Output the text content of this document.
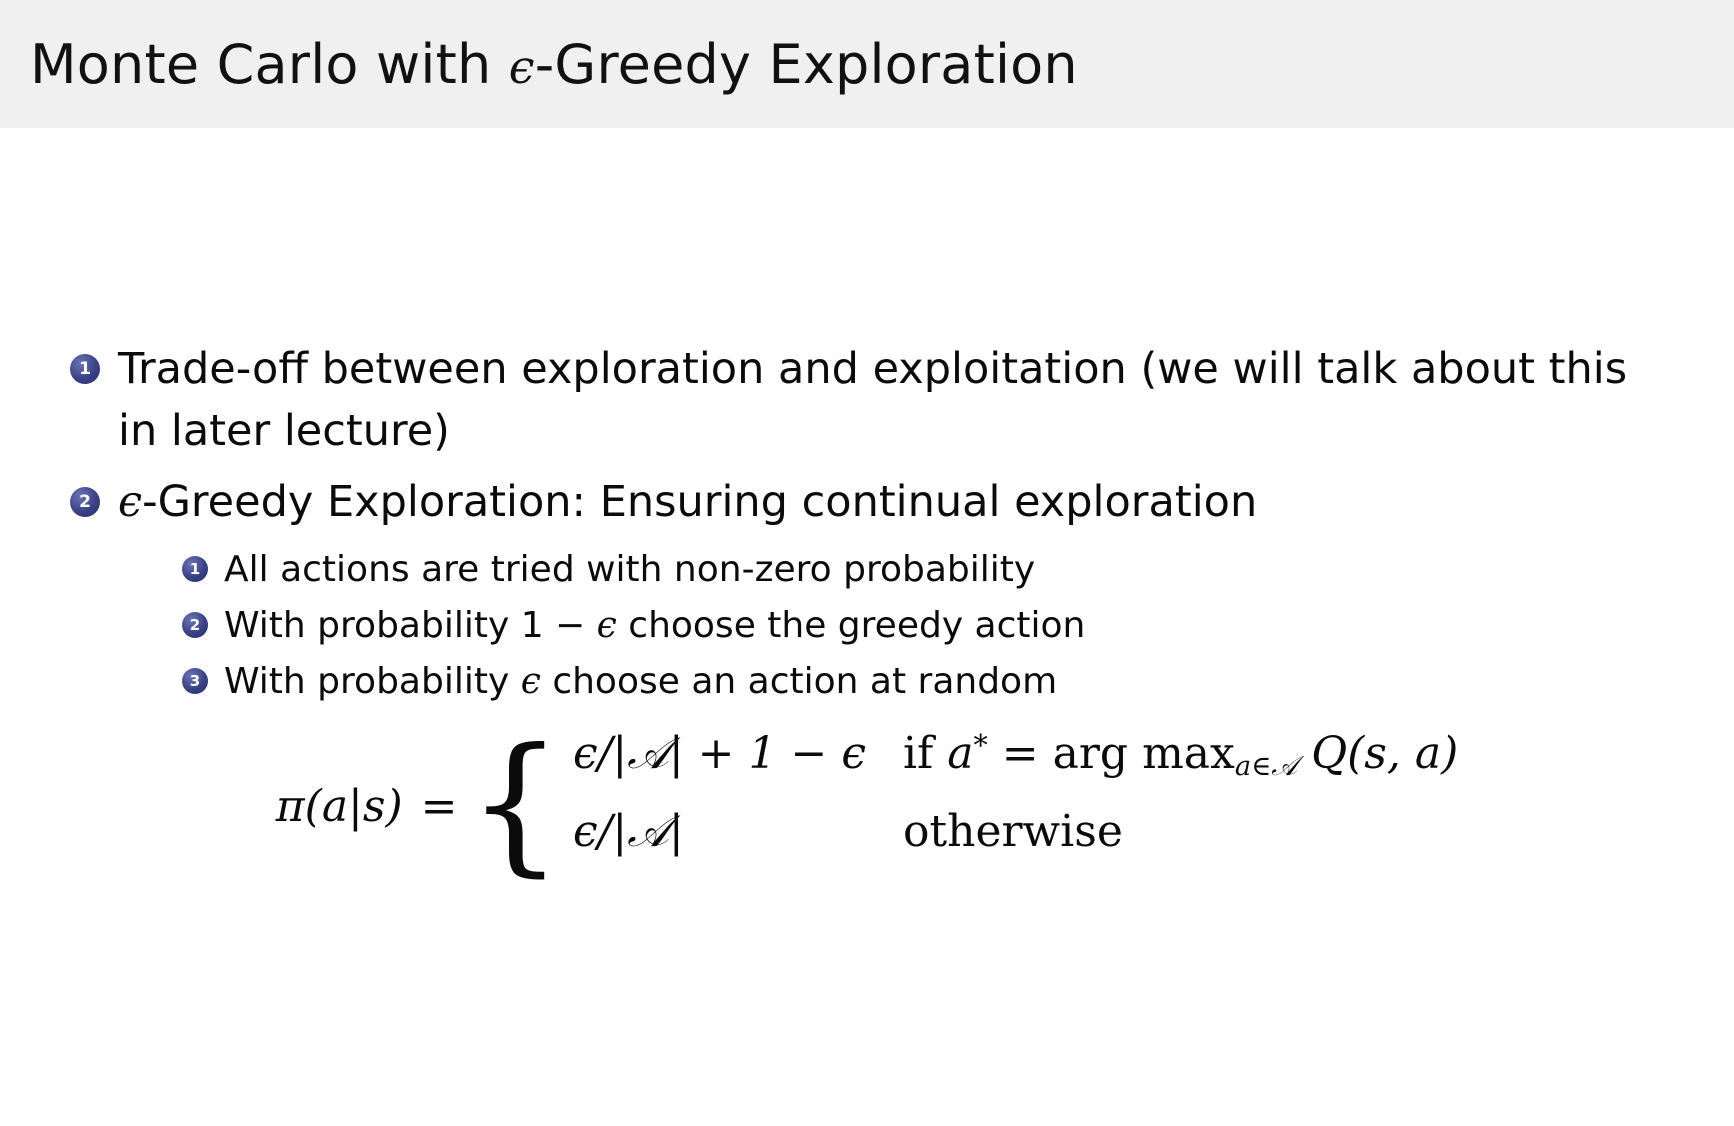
Monte Carlo with ϵ-Greedy Exploration
1 Trade-off between exploration and exploitation (we will talk about this in later lecture)
2 ϵ-Greedy Exploration: Ensuring continual exploration
1 All actions are tried with non-zero probability
2 With probability 1 − ϵ choose the greedy action
3 With probability ϵ choose an action at random
π(a|s) = { ϵ/|𝒜| + 1 − ϵ if a* = arg $\max_{a\in 𝒜} Q(s$, a)
ϵ/|𝒜|	otherwise
